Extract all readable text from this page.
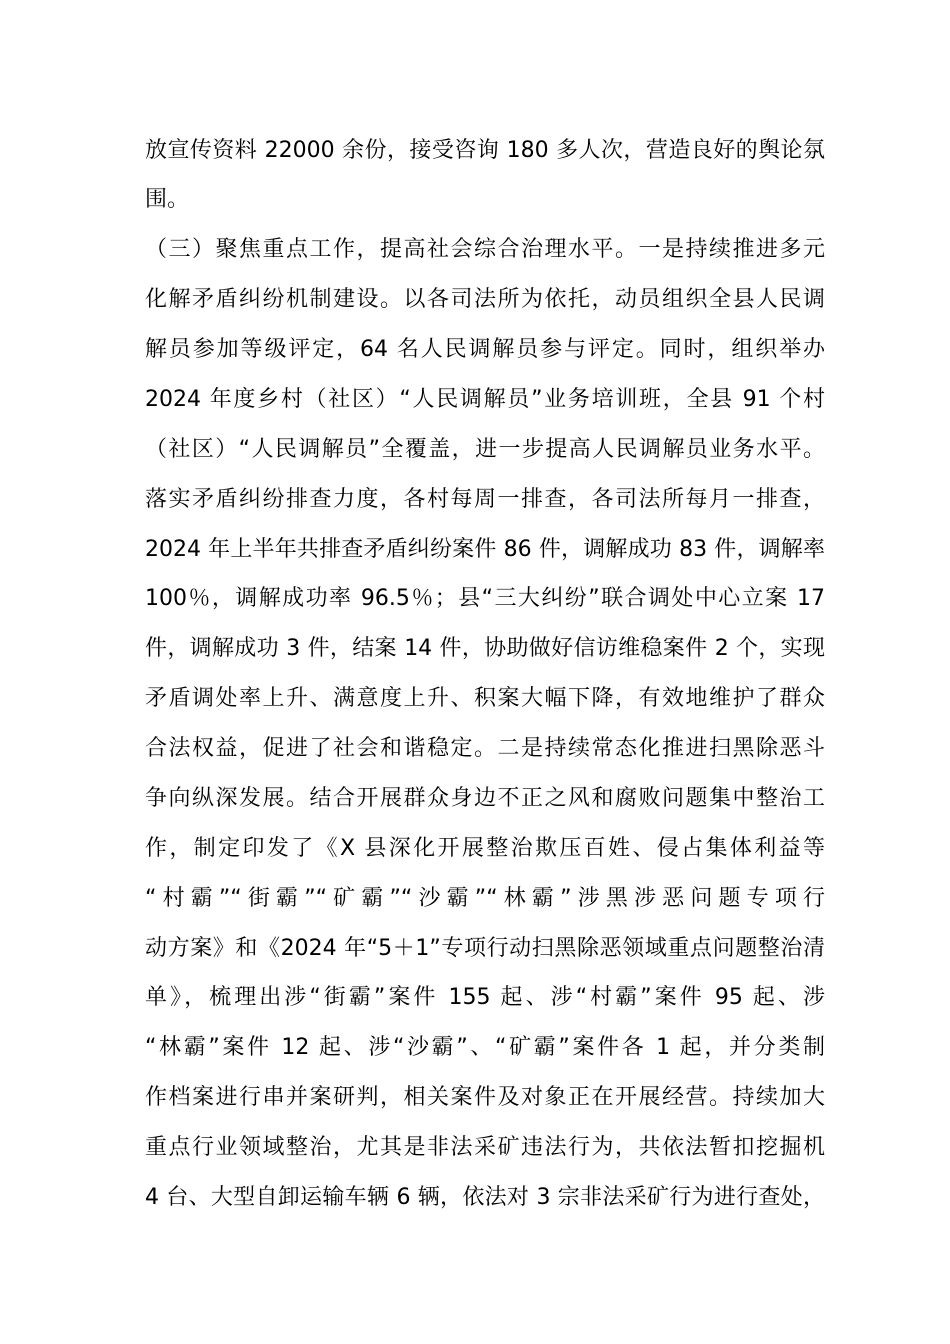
放宣传资料 22000 余份，接受咨询 180 多人次，营造良好的舆论氛
围。
（三）聚焦重点工作，提高社会综合治理水平。一是持续推进多元
化解矛盾纠纷机制建设。以各司法所为依托，动员组织全县人民调
解员参加等级评定，64 名人民调解员参与评定。同时，组织举办
2024 年度乡村（社区）“人民调解员”业务培训班，全县 91 个村
（社区）“人民调解员”全覆盖，进一步提高人民调解员业务水平。
落实矛盾纠纷排查力度，各村每周一排查，各司法所每月一排查，
2024 年上半年共排查矛盾纠纷案件 86 件，调解成功 83 件，调解率
100％，调解成功率 96.5％；县“三大纠纷”联合调处中心立案 17
件，调解成功 3 件，结案 14 件，协助做好信访维稳案件 2 个，实现
矛盾调处率上升、满意度上升、积案大幅下降，有效地维护了群众
合法权益，促进了社会和谐稳定。二是持续常态化推进扫黑除恶斗
争向纵深发展。结合开展群众身边不正之风和腐败问题集中整治工
作，制定印发了《X 县深化开展整治欺压百姓、侵占集体利益等
“村霸”“街霸”“矿霸”“沙霸”“林霸”涉黑涉恶问题专项行
动方案》和《2024 年“5＋1”专项行动扫黑除恶领域重点问题整治清
单》，梳理出涉“街霸”案件 155 起、涉“村霸”案件 95 起、涉
“林霸”案件 12 起、涉“沙霸”、“矿霸”案件各 1 起，并分类制
作档案进行串并案研判，相关案件及对象正在开展经营。持续加大
重点行业领域整治，尤其是非法采矿违法行为，共依法暂扣挖掘机
4 台、大型自卸运输车辆 6 辆，依法对 3 宗非法采矿行为进行查处，
